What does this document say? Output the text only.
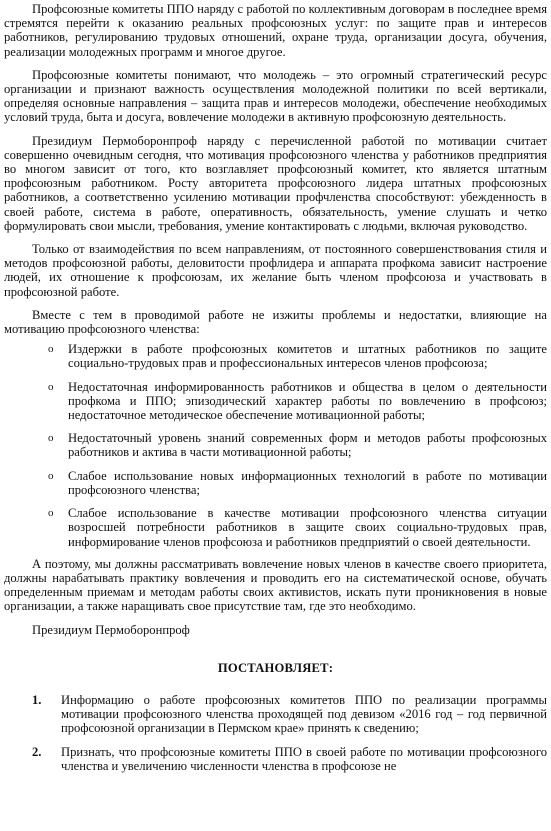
Профсоюзные комитеты ППО наряду с работой по коллективным договорам в последнее время стремятся перейти к оказанию реальных профсоюзных услуг: по защите прав и интересов работников, регулированию трудовых отношений, охране труда, организации досуга, обучения, реализации молодежных программ и многое другое.

Профсоюзные комитеты понимают, что молодежь – это огромный стратегический ресурс организации и признают важность осуществления молодежной политики по всей вертикали, определяя основные направления – защита прав и интересов молодежи, обеспечение необходимых условий труда, быта и досуга, вовлечение молодежи в активную профсоюзную деятельность.

Президиум Пермоборонпроф наряду с перечисленной работой по мотивации считает совершенно очевидным сегодня, что мотивация профсоюзного членства у работников предприятия во многом зависит от того, кто возглавляет профсоюзный комитет, кто является штатным профсоюзным работником. Росту авторитета профсоюзного лидера штатных профсоюзных работников, а соответственно усилению мотивации профчленства способствуют: убежденность в своей работе, система в работе, оперативность, обязательность, умение слушать и четко формулировать свои мысли, требования, умение контактировать с людьми, включая руководство.

Только от взаимодействия по всем направлениям, от постоянного совершенствования стиля и методов профсоюзной работы, деловитости профлидера и аппарата профкома зависит настроение людей, их отношение к профсоюзам, их желание быть членом профсоюза и участвовать в профсоюзной работе.

Вместе с тем в проводимой работе не изжиты проблемы и недостатки, влияющие на мотивацию профсоюзного членства:

o Издержки в работе профсоюзных комитетов и штатных работников по защите социально-трудовых прав и профессиональных интересов членов профсоюза;
o Недостаточная информированность работников и общества в целом о деятельности профкома и ППО; эпизодический характер работы по вовлечению в профсоюз; недостаточное методическое обеспечение мотивационной работы;
o Недостаточный уровень знаний современных форм и методов работы профсоюзных работников и актива в части мотивационной работы;
o Слабое использование новых информационных технологий в работе по мотивации профсоюзного членства;
o Слабое использование в качестве мотивации профсоюзного членства ситуации возросшей потребности работников в защите своих социально-трудовых прав, информирование членов профсоюза и работников предприятий о своей деятельности.

А поэтому, мы должны рассматривать вовлечение новых членов в качестве своего приоритета, должны нарабатывать практику вовлечения и проводить его на систематической основе, обучать определенным приемам и методам работы своих активистов, искать пути проникновения в новые организации, а также наращивать свое присутствие там, где это необходимо.

Президиум Пермоборонпроф

ПОСТАНОВЛЯЕТ:
1. Информацию о работе профсоюзных комитетов ППО по реализации программы мотивации профсоюзного членства проходящей под девизом «2016 год – год первичной профсоюзной организации в Пермском крае» принять к сведению;
2. Признать, что профсоюзные комитеты ППО в своей работе по мотивации профсоюзного членства и увеличению численности членства в профсоюзе не
